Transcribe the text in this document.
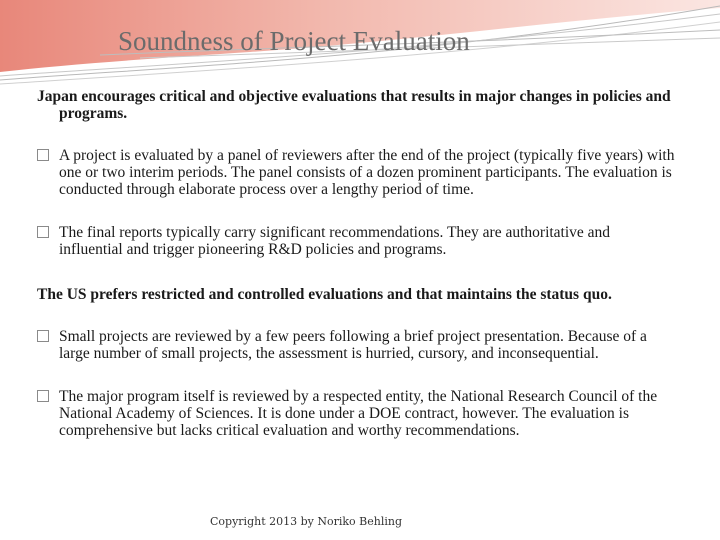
Soundness of Project Evaluation
Japan encourages critical and objective evaluations that results in major changes in policies and programs.
A project is evaluated by a panel of reviewers after the end of the project (typically five years) with one or two interim periods. The panel consists of a dozen prominent participants. The evaluation is conducted through elaborate process over a lengthy period of time.
The final reports typically carry significant recommendations. They are authoritative and influential and trigger pioneering R&D policies and programs.
The US prefers restricted and controlled evaluations and that maintains the status quo.
Small projects are reviewed by a few peers following a brief project presentation. Because of a large number of small projects, the assessment is hurried, cursory, and inconsequential.
The major program itself is reviewed by a respected entity, the National Research Council of the National Academy of Sciences. It is done under a DOE contract, however. The evaluation is comprehensive but lacks critical evaluation and worthy recommendations.
Copyright 2013 by Noriko Behling
